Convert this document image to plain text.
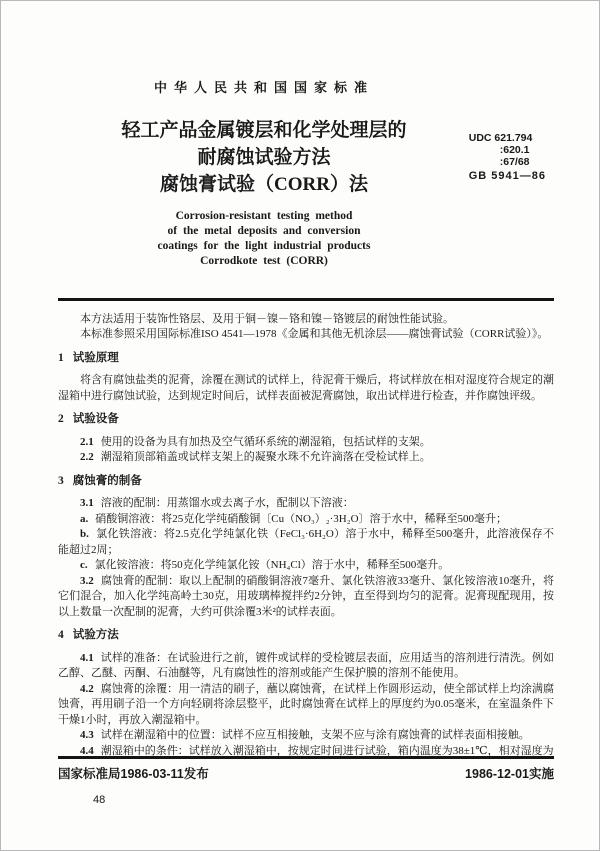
中华人民共和国国家标准
轻工产品金属镀层和化学处理层的
耐腐蚀试验方法
腐蚀膏试验（CORR）法
Corrosion-resistant testing method
of the metal deposits and conversion
coatings for the light industrial products
Corrodkote test (CORR)
UDC 621.794
:620.1
:67/68
GB 5941—86

本方法适用于装饰性铬层、及用于铜－镍－铬和镍－铬镀层的耐蚀性能试验。

本标准参照采用国际标准ISO 4541—1978《金属和其他无机涂层——腐蚀膏试验（CORR试验）》。

1 试验原理

将含有腐蚀盐类的泥膏，涂覆在测试的试样上，待泥膏干燥后，将试样放在相对湿度符合规定的潮湿箱中进行腐蚀试验，达到规定时间后，试样表面被泥膏腐蚀，取出试样进行检查，并作腐蚀评级。

2 试验设备

2.1 使用的设备为具有加热及空气循环系统的潮湿箱，包括试样的支架。

2.2 潮湿箱顶部箱盖或试样支架上的凝聚水珠不允许滴落在受检试样上。

3 腐蚀膏的制备

3.1 溶液的配制：用蒸馏水或去离子水，配制以下溶液：

a. 硝酸铜溶液：将25克化学纯硝酸铜〔Cu（NO₃）₂·3H₂O〕溶于水中，稀释至500毫升；

b. 氯化铁溶液：将2.5克化学纯氯化铁（FeCl₃·6H₂O）溶于水中，稀释至500毫升，此溶液保存不能超过2周；

c. 氯化铵溶液：将50克化学纯氯化铵（NH₄Cl）溶于水中，稀释至500毫升。

3.2 腐蚀膏的配制：取以上配制的硝酸铜溶液7毫升、氯化铁溶液33毫升、氯化铵溶液10毫升，将它们混合，加入化学纯高岭土30克，用玻璃棒搅拌约2分钟，直至得到均匀的泥膏。泥膏现配现用，按以上数量一次配制的泥膏，大约可供涂覆3米²的试样表面。

4 试验方法

4.1 试样的准备：在试验进行之前，镀件或试样的受检镀层表面，应用适当的溶剂进行清洗。例如乙醇、乙醚、丙酮、石油醚等，凡有腐蚀性的溶剂或能产生保护膜的溶剂不能使用。

4.2 腐蚀膏的涂覆：用一清洁的刷子，蘸以腐蚀膏，在试样上作圆形运动，使全部试样上均涂满腐蚀膏，再用刷子沿一个方向轻刷将涂层整平，此时腐蚀膏在试样上的厚度约为0.05毫米，在室温条件下干燥1小时，再放入潮湿箱中。

4.3 试样在潮湿箱中的位置：试样不应互相接触，支架不应与涂有腐蚀膏的试样表面相接触。

4.4 潮湿箱中的条件：试样放入潮湿箱中，按规定时间进行试验，箱内温度为38±1℃，相对湿度为

国家标准局1986-03-11发布	1986-12-01实施
48
